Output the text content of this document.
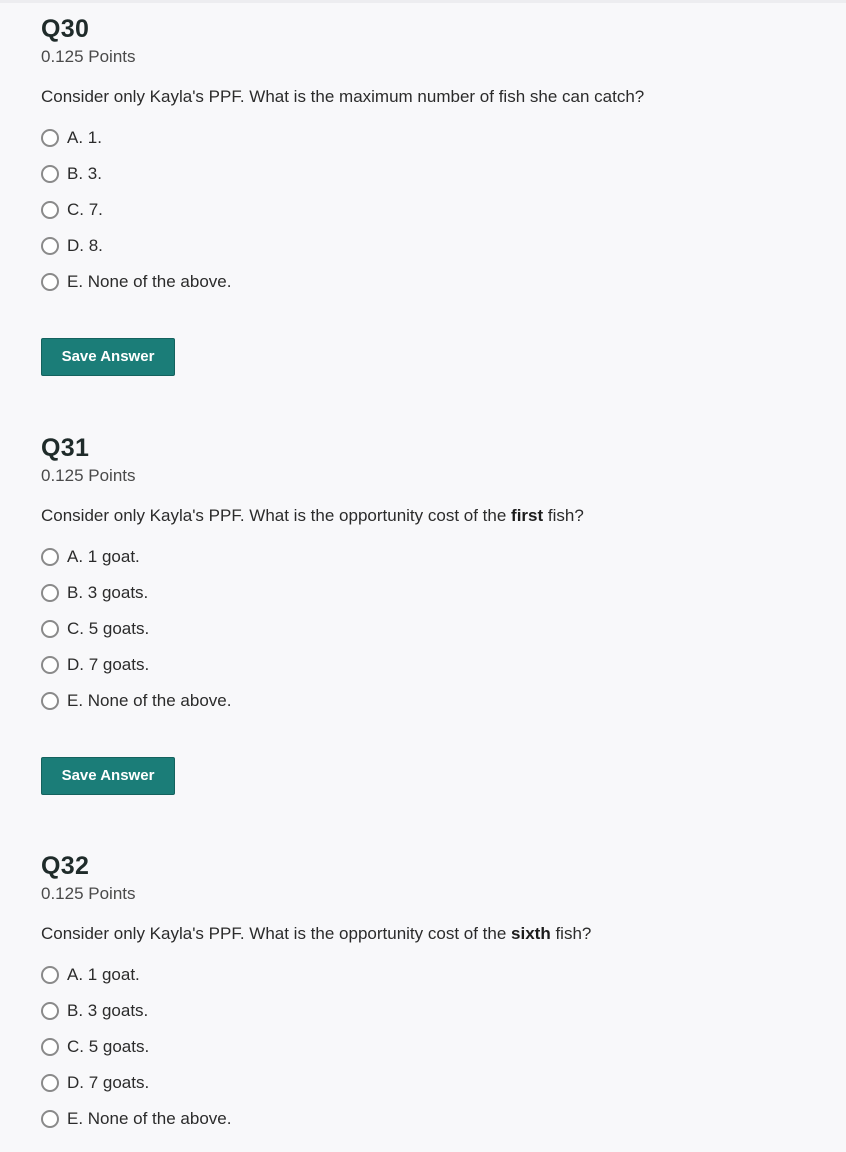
Q30
0.125 Points
Consider only Kayla's PPF. What is the maximum number of fish she can catch?
A. 1.
B. 3.
C. 7.
D. 8.
E. None of the above.
Save Answer
Q31
0.125 Points
Consider only Kayla's PPF. What is the opportunity cost of the first fish?
A. 1 goat.
B. 3 goats.
C. 5 goats.
D. 7 goats.
E. None of the above.
Save Answer
Q32
0.125 Points
Consider only Kayla's PPF. What is the opportunity cost of the sixth fish?
A. 1 goat.
B. 3 goats.
C. 5 goats.
D. 7 goats.
E. None of the above.
